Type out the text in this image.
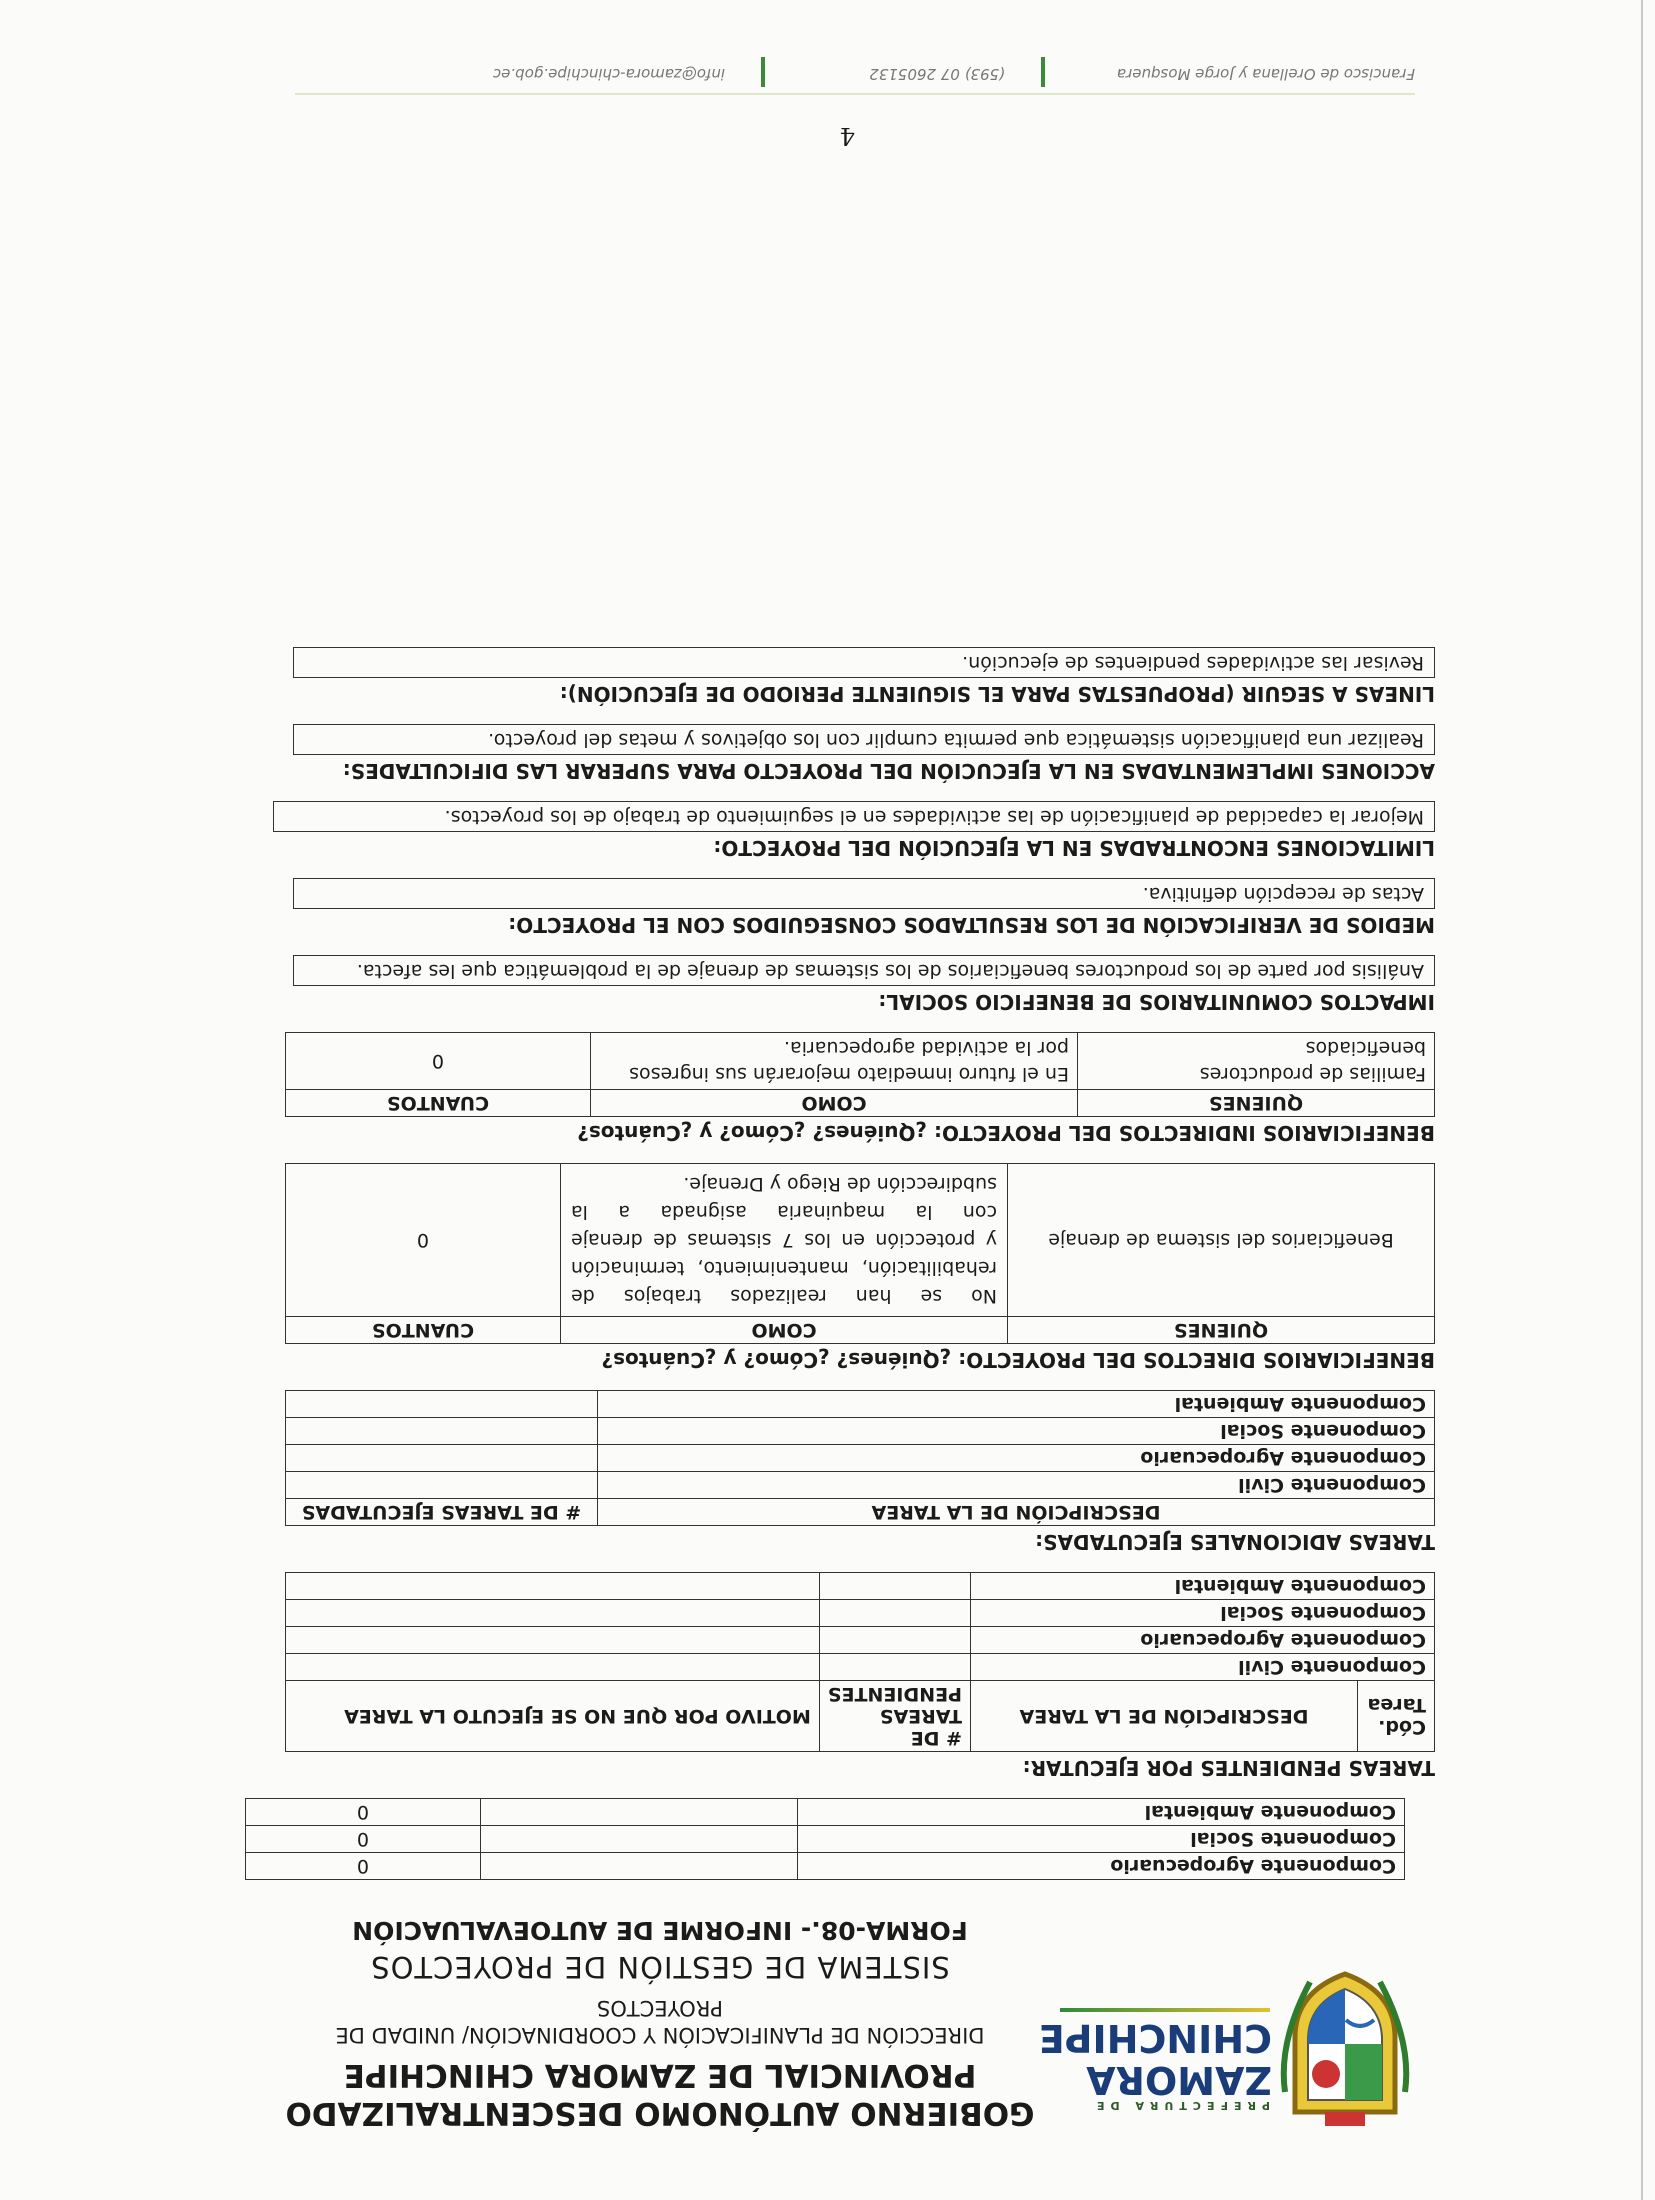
PREFECTURA DE
ZAMORA
CHINCHIPE
GOBIERNO AUTÓNOMO DESCENTRALIZADO PROVINCIAL DE ZAMORA CHINCHIPE
DIRECCIÓN DE PLANIFICACIÓN Y COORDINACIÓN/ UNIDAD DE PROYECTOS
SISTEMA DE GESTIÓN DE PROYECTOS
FORMA-08.- INFORME DE AUTOEVALUACIÓN
Componente Agropecuario		0
Componente Social		0
Componente Ambiental		0
TAREAS PENDIENTES POR EJECUTAR:
Cód. Tarea	DESCRIPCIÓN DE LA TAREA	# DE TAREAS PENDIENTES	MOTIVO POR QUE NO SE EJECUTO LA TAREA
Componente Civil			
Componente Agropecuario			
Componente Social			
Componente Ambiental			
TAREAS ADICIONALES EJECUTADAS:
DESCRIPCIÓN DE LA TAREA	# DE TAREAS EJECUTADAS
Componente Civil	
Componente Agropecuario	
Componente Social	
Componente Ambiental	
BENEFICIARIOS DIRECTOS DEL PROYECTO: ¿Quiénes? ¿Cómo? y ¿Cuántos?
QUIENES	COMO	CUANTOS
Beneficiarios del sistema de drenaje	No se han realizados trabajos de rehabilitación, mantenimiento, terminación y protección en los 7 sistemas de drenaje con la maquinaria asignada a la subdirección de Riego y Drenaje.	0
BENEFICIARIOS INDIRECTOS DEL PROYECTO: ¿Quiénes? ¿Cómo? y ¿Cuántos?
QUIENES	COMO	CUANTOS
Familias de productores beneficiados	En el futuro inmediato mejorarán sus ingresos por la actividad agropecuaria.	0
IMPACTOS COMUNITARIOS DE BENEFICIO SOCIAL:
Análisis por parte de los productores beneficiarios de los sistemas de drenaje de la problemática que les afecta.
MEDIOS DE VERIFICACIÓN DE LOS RESULTADOS CONSEGUIDOS CON EL PROYECTO:
Actas de recepción definitiva.
LIMITACIONES ENCONTRADAS EN LA EJECUCIÓN DEL PROYECTO:
Mejorar la capacidad de planificación de las actividades en el seguimiento de trabajo de los proyectos.
ACCIONES IMPLEMENTADAS EN LA EJECUCIÓN DEL PROYECTO PARA SUPERAR LAS DIFICULTADES:
Realizar una planificación sistemática que permita cumplir con los objetivos y metas del proyecto.
LINEAS A SEGUIR (PROPUESTAS PARA EL SIGUIENTE PERIODO DE EJECUCIÓN):
Revisar las actividades pendientes de ejecución.
4
Francisco de Orellana y Jorge Mosquera
(593) 07 2605132
info@zamora-chinchipe.gob.ec
